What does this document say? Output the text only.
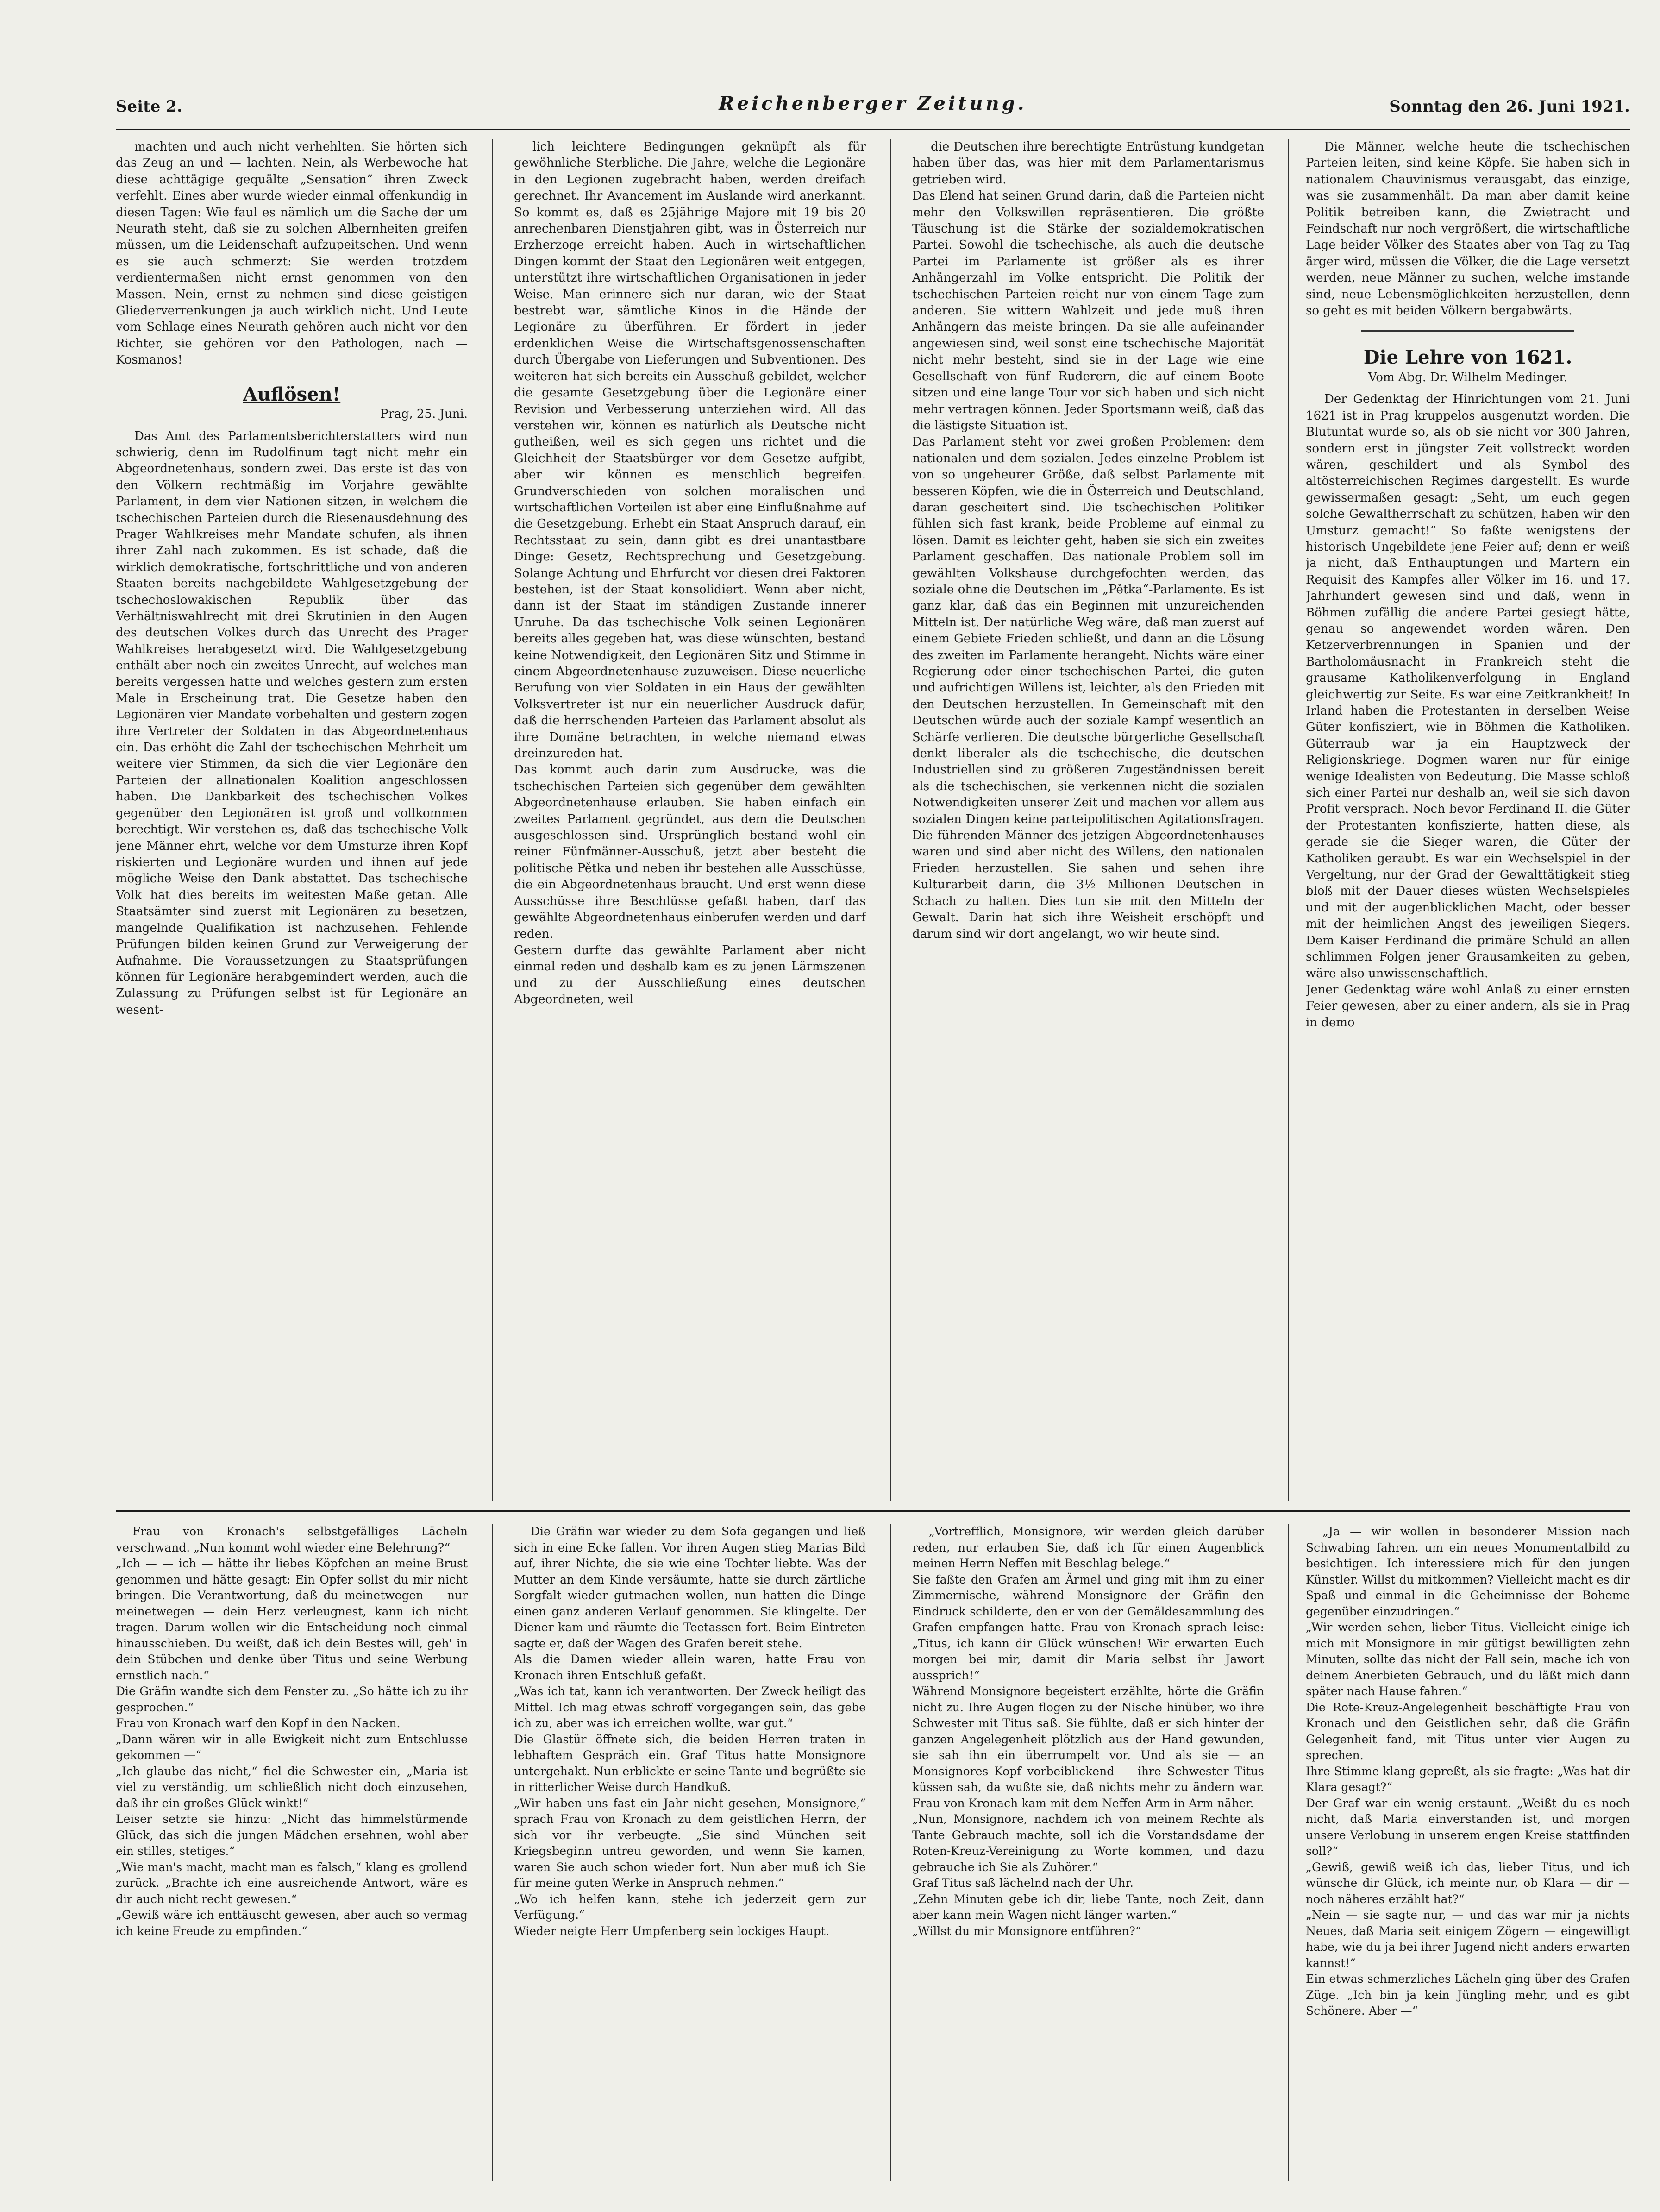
Seite 2.	Reichenberger Zeitung.	Sonntag den 26. Juni 1921.

machten und auch nicht verhehlten. Sie hörten sich das Zeug an und — lachten. Nein, als Werbewoche hat diese achttägige gequälte „Sensation“ ihren Zweck verfehlt. Eines aber wurde wieder einmal offenkundig in diesen Tagen: Wie faul es nämlich um die Sache der um Neurath steht, daß sie zu solchen Albernheiten greifen müssen, um die Leidenschaft aufzupeitschen. Und wenn es sie auch schmerzt: Sie werden trotzdem verdientermaßen nicht ernst genommen von den Massen. Nein, ernst zu nehmen sind diese geistigen Gliederverrenkungen ja auch wirklich nicht. Und Leute vom Schlage eines Neurath gehören auch nicht vor den Richter, sie gehören vor den Pathologen, nach — Kosmanos!

Auflösen!

Prag, 25. Juni.

Das Amt des Parlamentsberichterstatters wird nun schwierig, denn im Rudolfinum tagt nicht mehr ein Abgeordnetenhaus, sondern zwei. Das erste ist das von den Völkern rechtmäßig im Vorjahre gewählte Parlament, in dem vier Nationen sitzen, in welchem die tschechischen Parteien durch die Riesenausdehnung des Prager Wahlkreises mehr Mandate schufen, als ihnen ihrer Zahl nach zukommen. Es ist schade, daß die wirklich demokratische, fortschrittliche und von anderen Staaten bereits nachgebildete Wahlgesetzgebung der tschechoslowakischen Republik über das Verhältniswahlrecht mit drei Skrutinien in den Augen des deutschen Volkes durch das Unrecht des Prager Wahlkreises herabgesetzt wird. Die Wahlgesetzgebung enthält aber noch ein zweites Unrecht, auf welches man bereits vergessen hatte und welches gestern zum ersten Male in Erscheinung trat. Die Gesetze haben den Legionären vier Mandate vorbehalten und gestern zogen ihre Vertreter der Soldaten in das Abgeordnetenhaus ein. Das erhöht die Zahl der tschechischen Mehrheit um weitere vier Stimmen, da sich die vier Legionäre den Parteien der allnationalen Koalition angeschlossen haben. Die Dankbarkeit des tschechischen Volkes gegenüber den Legionären ist groß und vollkommen berechtigt. Wir verstehen es, daß das tschechische Volk jene Männer ehrt, welche vor dem Umsturze ihren Kopf riskierten und Legionäre wurden und ihnen auf jede mögliche Weise den Dank abstattet. Das tschechische Volk hat dies bereits im weitesten Maße getan. Alle Staatsämter sind zuerst mit Legionären zu besetzen, mangelnde Qualifikation ist nachzusehen. Fehlende Prüfungen bilden keinen Grund zur Verweigerung der Aufnahme. Die Voraussetzungen zu Staatsprüfungen können für Legionäre herabgemindert werden, auch die Zulassung zu Prüfungen selbst ist für Legionäre an wesent-

lich leichtere Bedingungen geknüpft als für gewöhnliche Sterbliche. Die Jahre, welche die Legionäre in den Legionen zugebracht haben, werden dreifach gerechnet. Ihr Avancement im Auslande wird anerkannt. So kommt es, daß es 25jährige Majore mit 19 bis 20 anrechenbaren Dienstjahren gibt, was in Österreich nur Erzherzoge erreicht haben. Auch in wirtschaftlichen Dingen kommt der Staat den Legionären weit entgegen, unterstützt ihre wirtschaftlichen Organisationen in jeder Weise. Man erinnere sich nur daran, wie der Staat bestrebt war, sämtliche Kinos in die Hände der Legionäre zu überführen. Er fördert in jeder erdenklichen Weise die Wirtschaftsgenossenschaften durch Übergabe von Lieferungen und Subventionen. Des weiteren hat sich bereits ein Ausschuß gebildet, welcher die gesamte Gesetzgebung über die Legionäre einer Revision und Verbesserung unterziehen wird. All das verstehen wir, können es natürlich als Deutsche nicht gutheißen, weil es sich gegen uns richtet und die Gleichheit der Staatsbürger vor dem Gesetze aufgibt, aber wir können es menschlich begreifen. Grundverschieden von solchen moralischen und wirtschaftlichen Vorteilen ist aber eine Einflußnahme auf die Gesetzgebung. Erhebt ein Staat Anspruch darauf, ein Rechtsstaat zu sein, dann gibt es drei unantastbare Dinge: Gesetz, Rechtsprechung und Gesetzgebung. Solange Achtung und Ehrfurcht vor diesen drei Faktoren bestehen, ist der Staat konsolidiert. Wenn aber nicht, dann ist der Staat im ständigen Zustande innerer Unruhe. Da das tschechische Volk seinen Legionären bereits alles gegeben hat, was diese wünschten, bestand keine Notwendigkeit, den Legionären Sitz und Stimme in einem Abgeordnetenhause zuzuweisen. Diese neuerliche Berufung von vier Soldaten in ein Haus der gewählten Volksvertreter ist nur ein neuerlicher Ausdruck dafür, daß die herrschenden Parteien das Parlament absolut als ihre Domäne betrachten, in welche niemand etwas dreinzureden hat.
Das kommt auch darin zum Ausdrucke, was die tschechischen Parteien sich gegenüber dem gewählten Abgeordnetenhause erlauben. Sie haben einfach ein zweites Parlament gegründet, aus dem die Deutschen ausgeschlossen sind. Ursprünglich bestand wohl ein reiner Fünfmänner-Ausschuß, jetzt aber besteht die politische Pětka und neben ihr bestehen alle Ausschüsse, die ein Abgeordnetenhaus braucht. Und erst wenn diese Ausschüsse ihre Beschlüsse gefaßt haben, darf das gewählte Abgeordnetenhaus einberufen werden und darf reden.
Gestern durfte das gewählte Parlament aber nicht einmal reden und deshalb kam es zu jenen Lärmszenen und zu der Ausschließung eines deutschen Abgeordneten, weil

die Deutschen ihre berechtigte Entrüstung kundgetan haben über das, was hier mit dem Parlamentarismus getrieben wird.
Das Elend hat seinen Grund darin, daß die Parteien nicht mehr den Volkswillen repräsentieren. Die größte Täuschung ist die Stärke der sozialdemokratischen Partei. Sowohl die tschechische, als auch die deutsche Partei im Parlamente ist größer als es ihrer Anhängerzahl im Volke entspricht. Die Politik der tschechischen Parteien reicht nur von einem Tage zum anderen. Sie wittern Wahlzeit und jede muß ihren Anhängern das meiste bringen. Da sie alle aufeinander angewiesen sind, weil sonst eine tschechische Majorität nicht mehr besteht, sind sie in der Lage wie eine Gesellschaft von fünf Ruderern, die auf einem Boote sitzen und eine lange Tour vor sich haben und sich nicht mehr vertragen können. Jeder Sportsmann weiß, daß das die lästigste Situation ist.
Das Parlament steht vor zwei großen Problemen: dem nationalen und dem sozialen. Jedes einzelne Problem ist von so ungeheurer Größe, daß selbst Parlamente mit besseren Köpfen, wie die in Österreich und Deutschland, daran gescheitert sind. Die tschechischen Politiker fühlen sich fast krank, beide Probleme auf einmal zu lösen. Damit es leichter geht, haben sie sich ein zweites Parlament geschaffen. Das nationale Problem soll im gewählten Volkshause durchgefochten werden, das soziale ohne die Deutschen im „Pětka“-Parlamente. Es ist ganz klar, daß das ein Beginnen mit unzureichenden Mitteln ist. Der natürliche Weg wäre, daß man zuerst auf einem Gebiete Frieden schließt, und dann an die Lösung des zweiten im Parlamente herangeht. Nichts wäre einer Regierung oder einer tschechischen Partei, die guten und aufrichtigen Willens ist, leichter, als den Frieden mit den Deutschen herzustellen. In Gemeinschaft mit den Deutschen würde auch der soziale Kampf wesentlich an Schärfe verlieren. Die deutsche bürgerliche Gesellschaft denkt liberaler als die tschechische, die deutschen Industriellen sind zu größeren Zugeständnissen bereit als die tschechischen, sie verkennen nicht die sozialen Notwendigkeiten unserer Zeit und machen vor allem aus sozialen Dingen keine parteipolitischen Agitationsfragen. Die führenden Männer des jetzigen Abgeordnetenhauses waren und sind aber nicht des Willens, den nationalen Frieden herzustellen. Sie sahen und sehen ihre Kulturarbeit darin, die 3½ Millionen Deutschen in Schach zu halten. Dies tun sie mit den Mitteln der Gewalt. Darin hat sich ihre Weisheit erschöpft und darum sind wir dort angelangt, wo wir heute sind.

Die Männer, welche heute die tschechischen Parteien leiten, sind keine Köpfe. Sie haben sich in nationalem Chauvinismus verausgabt, das einzige, was sie zusammenhält. Da man aber damit keine Politik betreiben kann, die Zwietracht und Feindschaft nur noch vergrößert, die wirtschaftliche Lage beider Völker des Staates aber von Tag zu Tag ärger wird, müssen die Völker, die die Lage versetzt werden, neue Männer zu suchen, welche imstande sind, neue Lebensmöglichkeiten herzustellen, denn so geht es mit beiden Völkern bergabwärts.

Die Lehre von 1621.

Vom Abg. Dr. Wilhelm Medinger.

Der Gedenktag der Hinrichtungen vom 21. Juni 1621 ist in Prag kruppelos ausgenutzt worden. Die Blutuntat wurde so, als ob sie nicht vor 300 Jahren, sondern erst in jüngster Zeit vollstreckt worden wären, geschildert und als Symbol des altösterreichischen Regimes dargestellt. Es wurde gewissermaßen gesagt: „Seht, um euch gegen solche Gewaltherrschaft zu schützen, haben wir den Umsturz gemacht!“ So faßte wenigstens der historisch Ungebildete jene Feier auf; denn er weiß ja nicht, daß Enthauptungen und Martern ein Requisit des Kampfes aller Völker im 16. und 17. Jahrhundert gewesen sind und daß, wenn in Böhmen zufällig die andere Partei gesiegt hätte, genau so angewendet worden wären. Den Ketzerverbrennungen in Spanien und der Bartholomäusnacht in Frankreich steht die grausame Katholikenverfolgung in England gleichwertig zur Seite. Es war eine Zeitkrankheit! In Irland haben die Protestanten in derselben Weise Güter konfisziert, wie in Böhmen die Katholiken. Güterraub war ja ein Hauptzweck der Religionskriege. Dogmen waren nur für einige wenige Idealisten von Bedeutung. Die Masse schloß sich einer Partei nur deshalb an, weil sie sich davon Profit versprach. Noch bevor Ferdinand II. die Güter der Protestanten konfiszierte, hatten diese, als gerade sie die Sieger waren, die Güter der Katholiken geraubt. Es war ein Wechselspiel in der Vergeltung, nur der Grad der Gewalttätigkeit stieg bloß mit der Dauer dieses wüsten Wechselspieles und mit der augenblicklichen Macht, oder besser mit der heimlichen Angst des jeweiligen Siegers. Dem Kaiser Ferdinand die primäre Schuld an allen schlimmen Folgen jener Grausamkeiten zu geben, wäre also unwissenschaftlich.
Jener Gedenktag wäre wohl Anlaß zu einer ernsten Feier gewesen, aber zu einer andern, als sie in Prag in demo

Frau von Kronach's selbstgefälliges Lächeln verschwand. „Nun kommt wohl wieder eine Belehrung?“
„Ich — — ich — hätte ihr liebes Köpfchen an meine Brust genommen und hätte gesagt: Ein Opfer sollst du mir nicht bringen. Die Verantwortung, daß du meinetwegen — nur meinetwegen — dein Herz verleugnest, kann ich nicht tragen. Darum wollen wir die Entscheidung noch einmal hinausschieben. Du weißt, daß ich dein Bestes will, geh' in dein Stübchen und denke über Titus und seine Werbung ernstlich nach.“
Die Gräfin wandte sich dem Fenster zu. „So hätte ich zu ihr gesprochen.“
Frau von Kronach warf den Kopf in den Nacken.
„Dann wären wir in alle Ewigkeit nicht zum Entschlusse gekommen —“
„Ich glaube das nicht,“ fiel die Schwester ein, „Maria ist viel zu verständig, um schließlich nicht doch einzusehen, daß ihr ein großes Glück winkt!“
Leiser setzte sie hinzu: „Nicht das himmelstürmende Glück, das sich die jungen Mädchen ersehnen, wohl aber ein stilles, stetiges.“
„Wie man's macht, macht man es falsch,“ klang es grollend zurück. „Brachte ich eine ausreichende Antwort, wäre es dir auch nicht recht gewesen.“
„Gewiß wäre ich enttäuscht gewesen, aber auch so vermag ich keine Freude zu empfinden.“

Die Gräfin war wieder zu dem Sofa gegangen und ließ sich in eine Ecke fallen. Vor ihren Augen stieg Marias Bild auf, ihrer Nichte, die sie wie eine Tochter liebte. Was der Mutter an dem Kinde versäumte, hatte sie durch zärtliche Sorgfalt wieder gutmachen wollen, nun hatten die Dinge einen ganz anderen Verlauf genommen. Sie klingelte. Der Diener kam und räumte die Teetassen fort. Beim Eintreten sagte er, daß der Wagen des Grafen bereit stehe.
Als die Damen wieder allein waren, hatte Frau von Kronach ihren Entschluß gefaßt.
„Was ich tat, kann ich verantworten. Der Zweck heiligt das Mittel. Ich mag etwas schroff vorgegangen sein, das gebe ich zu, aber was ich erreichen wollte, war gut.“
Die Glastür öffnete sich, die beiden Herren traten in lebhaftem Gespräch ein. Graf Titus hatte Monsignore untergehakt. Nun erblickte er seine Tante und begrüßte sie in ritterlicher Weise durch Handkuß.
„Wir haben uns fast ein Jahr nicht gesehen, Monsignore,“ sprach Frau von Kronach zu dem geistlichen Herrn, der sich vor ihr verbeugte. „Sie sind München seit Kriegsbeginn untreu geworden, und wenn Sie kamen, waren Sie auch schon wieder fort. Nun aber muß ich Sie für meine guten Werke in Anspruch nehmen.“
„Wo ich helfen kann, stehe ich jederzeit gern zur Verfügung.“
Wieder neigte Herr Umpfenberg sein lockiges Haupt.

„Vortrefflich, Monsignore, wir werden gleich darüber reden, nur erlauben Sie, daß ich für einen Augenblick meinen Herrn Neffen mit Beschlag belege.“
Sie faßte den Grafen am Ärmel und ging mit ihm zu einer Zimmernische, während Monsignore der Gräfin den Eindruck schilderte, den er von der Gemäldesammlung des Grafen empfangen hatte. Frau von Kronach sprach leise: „Titus, ich kann dir Glück wünschen! Wir erwarten Euch morgen bei mir, damit dir Maria selbst ihr Jawort aussprich!“
Während Monsignore begeistert erzählte, hörte die Gräfin nicht zu. Ihre Augen flogen zu der Nische hinüber, wo ihre Schwester mit Titus saß. Sie fühlte, daß er sich hinter der ganzen Angelegenheit plötzlich aus der Hand gewunden, sie sah ihn ein überrumpelt vor. Und als sie — an Monsignores Kopf vorbeiblickend — ihre Schwester Titus küssen sah, da wußte sie, daß nichts mehr zu ändern war. Frau von Kronach kam mit dem Neffen Arm in Arm näher.
„Nun, Monsignore, nachdem ich von meinem Rechte als Tante Gebrauch machte, soll ich die Vorstandsdame der Roten-Kreuz-Vereinigung zu Worte kommen, und dazu gebrauche ich Sie als Zuhörer.“
Graf Titus saß lächelnd nach der Uhr.
„Zehn Minuten gebe ich dir, liebe Tante, noch Zeit, dann aber kann mein Wagen nicht länger warten.“
„Willst du mir Monsignore entführen?“

„Ja — wir wollen in besonderer Mission nach Schwabing fahren, um ein neues Monumentalbild zu besichtigen. Ich interessiere mich für den jungen Künstler. Willst du mitkommen? Vielleicht macht es dir Spaß und einmal in die Geheimnisse der Boheme gegenüber einzudringen.“
„Wir werden sehen, lieber Titus. Vielleicht einige ich mich mit Monsignore in mir gütigst bewilligten zehn Minuten, sollte das nicht der Fall sein, mache ich von deinem Anerbieten Gebrauch, und du läßt mich dann später nach Hause fahren.“
Die Rote-Kreuz-Angelegenheit beschäftigte Frau von Kronach und den Geistlichen sehr, daß die Gräfin Gelegenheit fand, mit Titus unter vier Augen zu sprechen.
Ihre Stimme klang gepreßt, als sie fragte: „Was hat dir Klara gesagt?“
Der Graf war ein wenig erstaunt. „Weißt du es noch nicht, daß Maria einverstanden ist, und morgen unsere Verlobung in unserem engen Kreise stattfinden soll?“
„Gewiß, gewiß weiß ich das, lieber Titus, und ich wünsche dir Glück, ich meinte nur, ob Klara — dir — noch näheres erzählt hat?“
„Nein — sie sagte nur, — und das war mir ja nichts Neues, daß Maria seit einigem Zögern — eingewilligt habe, wie du ja bei ihrer Jugend nicht anders erwarten kannst!“
Ein etwas schmerzliches Lächeln ging über des Grafen Züge. „Ich bin ja kein Jüngling mehr, und es gibt Schönere. Aber —“
